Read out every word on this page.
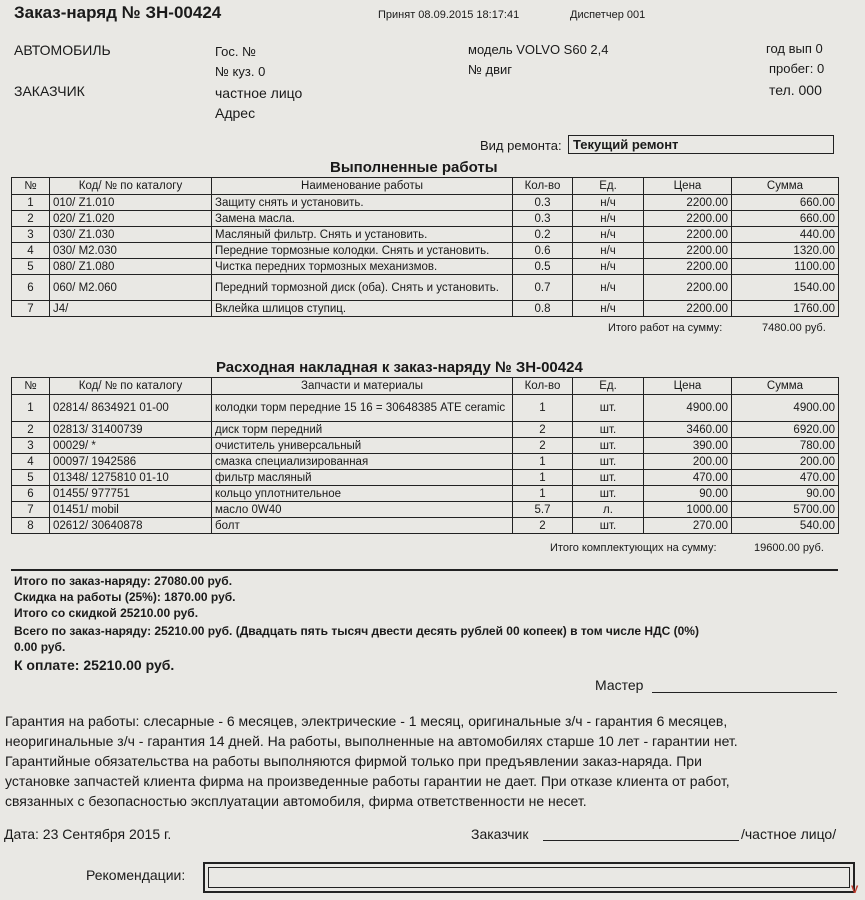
Заказ-наряд № ЗН-00424	Принят 08.09.2015 18:17:41	Диспетчер 001
АВТОМОБИЛЬ	Гос. №
№ куз. 0
модель VOLVO S60 2,4
№ двиг
год вып 0
пробег: 0
ЗАКАЗЧИК	частное лицо	тел. 000
Адрес
Вид ремонта: Текущий ремонт
Выполненные работы
№	Код/ № по каталогу	Наименование работы	Кол-во	Ед.	Цена	Сумма
1	010/ Z1.010	Защиту снять и установить.	0.3	н/ч	2200.00	660.00
2	020/ Z1.020	Замена масла.	0.3	н/ч	2200.00	660.00
3	030/ Z1.030	Масляный фильтр. Снять и установить.	0.2	н/ч	2200.00	440.00
4	030/ M2.030	Передние тормозные колодки. Снять и установить.	0.6	н/ч	2200.00	1320.00
5	080/ Z1.080	Чистка передних тормозных механизмов.	0.5	н/ч	2200.00	1100.00
6	060/ M2.060	Передний тормозной диск (оба). Снять и установить.	0.7	н/ч	2200.00	1540.00
7	J4/	Вклейка шлицов ступиц.	0.8	н/ч	2200.00	1760.00
Итого работ на сумму:	7480.00 руб.
Расходная накладная к заказ-наряду № ЗН-00424
№	Код/ № по каталогу	Запчасти и материалы	Кол-во	Ед.	Цена	Сумма
1	02814/ 8634921 01-00	колодки торм передние 15 16 = 30648385 ATE ceramic	1	шт.	4900.00	4900.00
2	02813/ 31400739	диск торм передний	2	шт.	3460.00	6920.00
3	00029/ *	очиститель универсальный	2	шт.	390.00	780.00
4	00097/ 1942586	смазка специализированная	1	шт.	200.00	200.00
5	01348/ 1275810 01-10	фильтр масляный	1	шт.	470.00	470.00
6	01455/ 977751	кольцо уплотнительное	1	шт.	90.00	90.00
7	01451/ mobil	масло 0W40	5.7	л.	1000.00	5700.00
8	02612/ 30640878	болт	2	шт.	270.00	540.00
Итого комплектующих на сумму:	19600.00 руб.
Итого по заказ-наряду: 27080.00 руб.
Скидка на работы (25%): 1870.00 руб.
Итого со скидкой 25210.00 руб.
Всего по заказ-наряду: 25210.00 руб. (Двадцать пять тысяч двести десять рублей 00 копеек) в том числе НДС (0%)
0.00 руб.
К оплате: 25210.00 руб.
Мастер
Гарантия на работы: слесарные - 6 месяцев, электрические - 1 месяц, оригинальные з/ч - гарантия 6 месяцев,
неоригинальные з/ч - гарантия 14 дней. На работы, выполненные на автомобилях старше 10 лет - гарантии нет.
Гарантийные обязательства на работы выполняются фирмой только при предъявлении заказ-наряда. При
установке запчастей клиента фирма на произведенные работы гарантии не дает. При отказе клиента от работ,
связанных с безопасностью эксплуатации автомобиля, фирма ответственности не несет.
Дата: 23 Сентября 2015 г.	Заказчик	/частное лицо/
Рекомендации:
V
